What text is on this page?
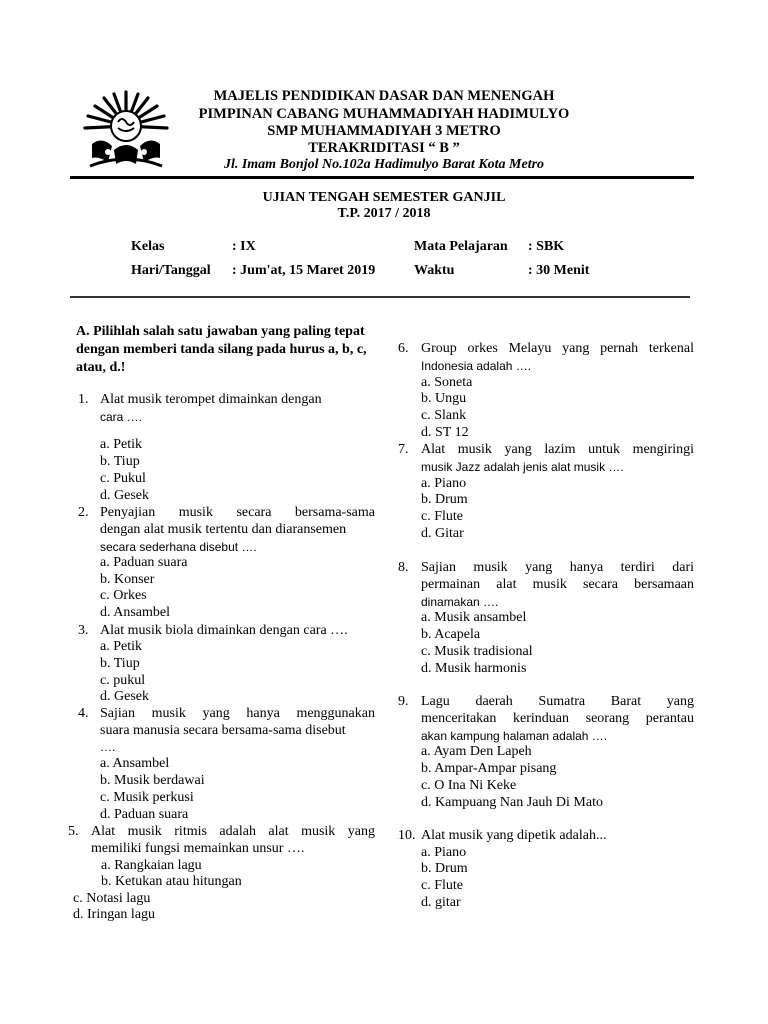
MAJELIS PENDIDIKAN DASAR DAN MENENGAH
PIMPINAN CABANG MUHAMMADIYAH HADIMULYO
SMP MUHAMMADIYAH 3 METRO
TERAKRIDITASI “ B ”
Jl. Imam Bonjol No.102a Hadimulyo Barat Kota Metro
UJIAN TENGAH SEMESTER GANJIL
T.P. 2017 / 2018
Kelas	: IX	Mata Pelajaran : SBK
Hari/Tanggal : Jum'at, 15 Maret 2019	Waktu	: 30 Menit
A. Pilihlah salah satu jawaban yang paling tepat dengan memberi tanda silang pada hurus a, b, c, atau, d.!
1. Alat musik terompet dimainkan dengan
cara ….
a. Petik
b. Tiup
c. Pukul
d. Gesek
2. Penyajian musik secara bersama-sama
dengan alat musik tertentu dan diaransemen
secara sederhana disebut ….
a. Paduan suara
b. Konser
c. Orkes
d. Ansambel
3. Alat musik biola dimainkan dengan cara ….
a. Petik
b. Tiup
c. pukul
d. Gesek
4. Sajian musik yang hanya menggunakan
suara manusia secara bersama-sama disebut
….
a. Ansambel
b. Musik berdawai
c. Musik perkusi
d. Paduan suara
5. Alat musik ritmis adalah alat musik yang
memiliki fungsi memainkan unsur ….
a. Rangkaian lagu
b. Ketukan atau hitungan
c. Notasi lagu
d. Iringan lagu
6. Group orkes Melayu yang pernah terkenal
Indonesia adalah ….
a. Soneta
b. Ungu
c. Slank
d. ST 12
7. Alat musik yang lazim untuk mengiringi
musik Jazz adalah jenis alat musik ….
a. Piano
b. Drum
c. Flute
d. Gitar
8. Sajian musik yang hanya terdiri dari
permainan alat musik secara bersamaan
dinamakan ….
a. Musik ansambel
b. Acapela
c. Musik tradisional
d. Musik harmonis
9. Lagu daerah Sumatra Barat yang
menceritakan kerinduan seorang perantau
akan kampung halaman adalah ….
a. Ayam Den Lapeh
b. Ampar-Ampar pisang
c. O Ina Ni Keke
d. Kampuang Nan Jauh Di Mato
10. Alat musik yang dipetik adalah...
a. Piano
b. Drum
c. Flute
d. gitar
